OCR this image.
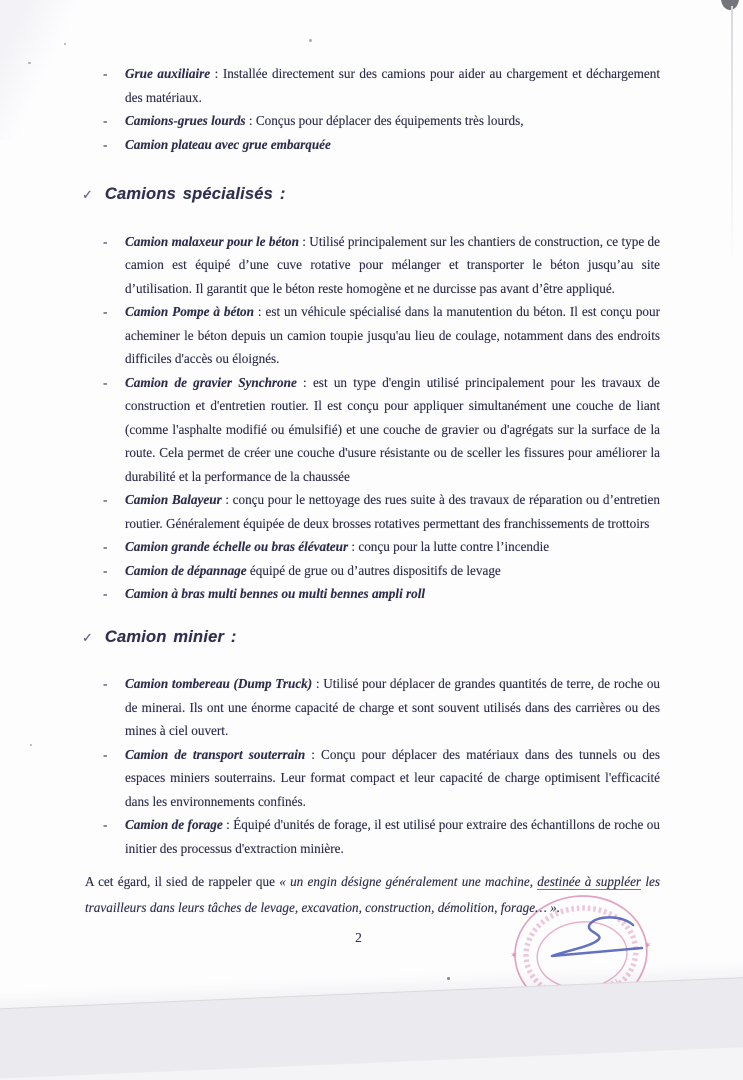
- Grue auxiliaire : Installée directement sur des camions pour aider au chargement et déchargement des matériaux.

- Camions-grues lourds : Conçus pour déplacer des équipements très lourds,

- Camion plateau avec grue embarquée

✓ Camions spécialisés :
- Camion malaxeur pour le béton : Utilisé principalement sur les chantiers de construction, ce type de camion est équipé d’une cuve rotative pour mélanger et transporter le béton jusqu’au site d’utilisation. Il garantit que le béton reste homogène et ne durcisse pas avant d’être appliqué.

- Camion Pompe à béton : est un véhicule spécialisé dans la manutention du béton. Il est conçu pour acheminer le béton depuis un camion toupie jusqu'au lieu de coulage, notamment dans des endroits difficiles d'accès ou éloignés.

- Camion de gravier Synchrone : est un type d'engin utilisé principalement pour les travaux de construction et d'entretien routier. Il est conçu pour appliquer simultanément une couche de liant (comme l'asphalte modifié ou émulsifié) et une couche de gravier ou d'agrégats sur la surface de la route. Cela permet de créer une couche d'usure résistante ou de sceller les fissures pour améliorer la durabilité et la performance de la chaussée

- Camion Balayeur : conçu pour le nettoyage des rues suite à des travaux de réparation ou d’entretien routier. Généralement équipée de deux brosses rotatives permettant des franchissements de trottoirs

- Camion grande échelle ou bras élévateur : conçu pour la lutte contre l’incendie

- Camion de dépannage équipé de grue ou d’autres dispositifs de levage

- Camion à bras multi bennes ou multi bennes ampli roll

✓ Camion minier :
- Camion tombereau (Dump Truck) : Utilisé pour déplacer de grandes quantités de terre, de roche ou de minerai. Ils ont une énorme capacité de charge et sont souvent utilisés dans des carrières ou des mines à ciel ouvert.

- Camion de transport souterrain : Conçu pour déplacer des matériaux dans des tunnels ou des espaces miniers souterrains. Leur format compact et leur capacité de charge optimisent l'efficacité dans les environnements confinés.

- Camion de forage : Équipé d'unités de forage, il est utilisé pour extraire des échantillons de roche ou initier des processus d'extraction minière.

A cet égard, il sied de rappeler que « un engin désigne généralement une machine, destinée à suppléer les travailleurs dans leurs tâches de levage, excavation, construction, démolition, forage… ».

2
✶
✶
